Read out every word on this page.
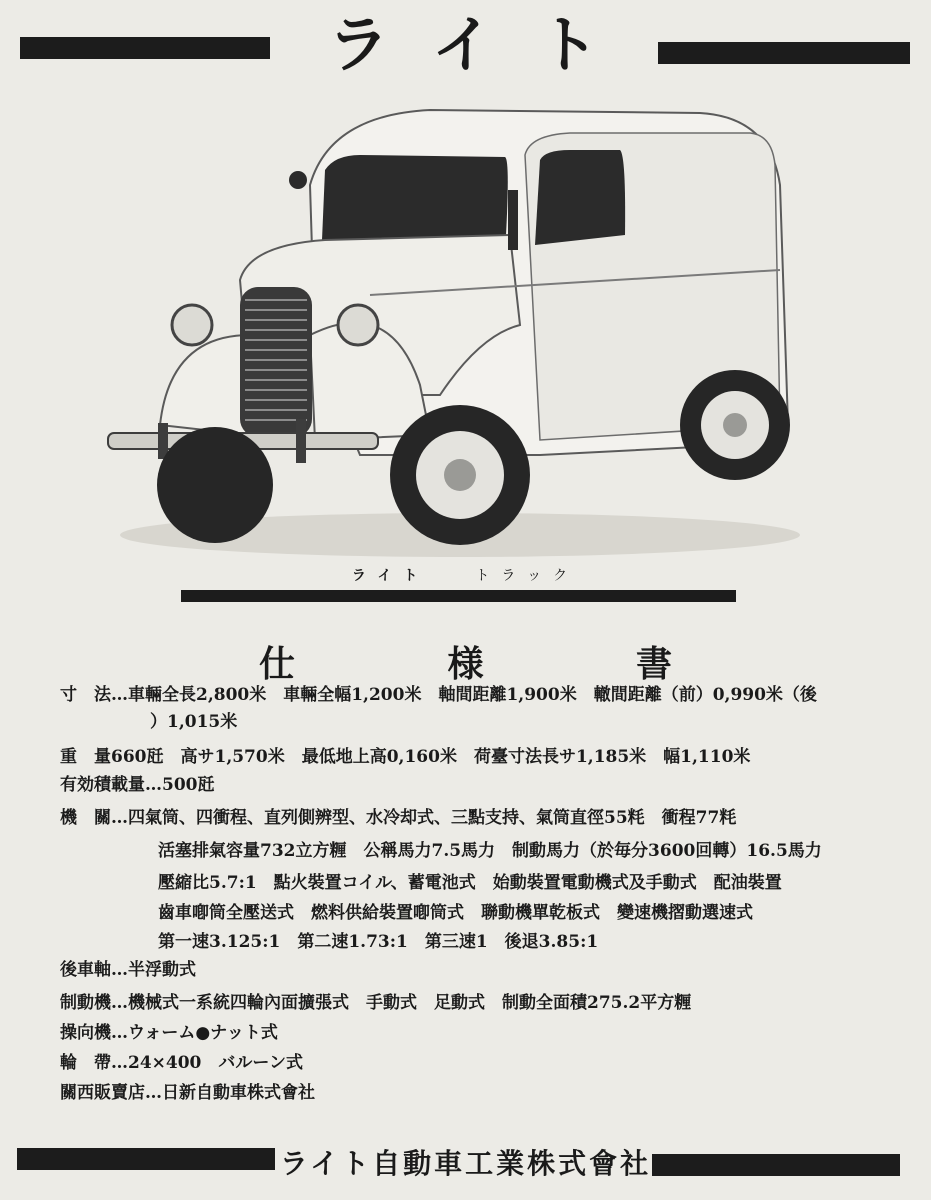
ライト
ライト	トラック
仕 様 書
寸　法…車輛全長2,800米　車輛全幅1,200米　軸間距離1,900米　轍間距離（前）0,990米（後
）1,015米
重　量660瓩　高サ1,570米　最低地上高0,160米　荷臺寸法長サ1,185米　幅1,110米
有効積載量…500瓩
機　關…四氣筒、四衝程、直列側辨型、水冷却式、三點支持、氣筒直徑55粍　衝程77粍
活塞排氣容量732立方糎　公稱馬力7.5馬力　制動馬力（於毎分3600回轉）16.5馬力
壓縮比5.7:1　點火裝置コイル、蓄電池式　始動裝置電動機式及手動式　配油裝置
齒車喞筒全壓送式　燃料供給裝置喞筒式　聯動機單乾板式　變速機摺動選速式
第一速3.125:1　第二速1.73:1　第三速1　後退3.85:1
後車軸…半浮動式
制動機…機械式一系統四輪內面擴張式　手動式　足動式　制動全面積275.2平方糎
操向機…ウォーム●ナット式
輪　帶…24×400　バルーン式
關西販賣店…日新自動車株式會社
ライト自動車工業株式會社
